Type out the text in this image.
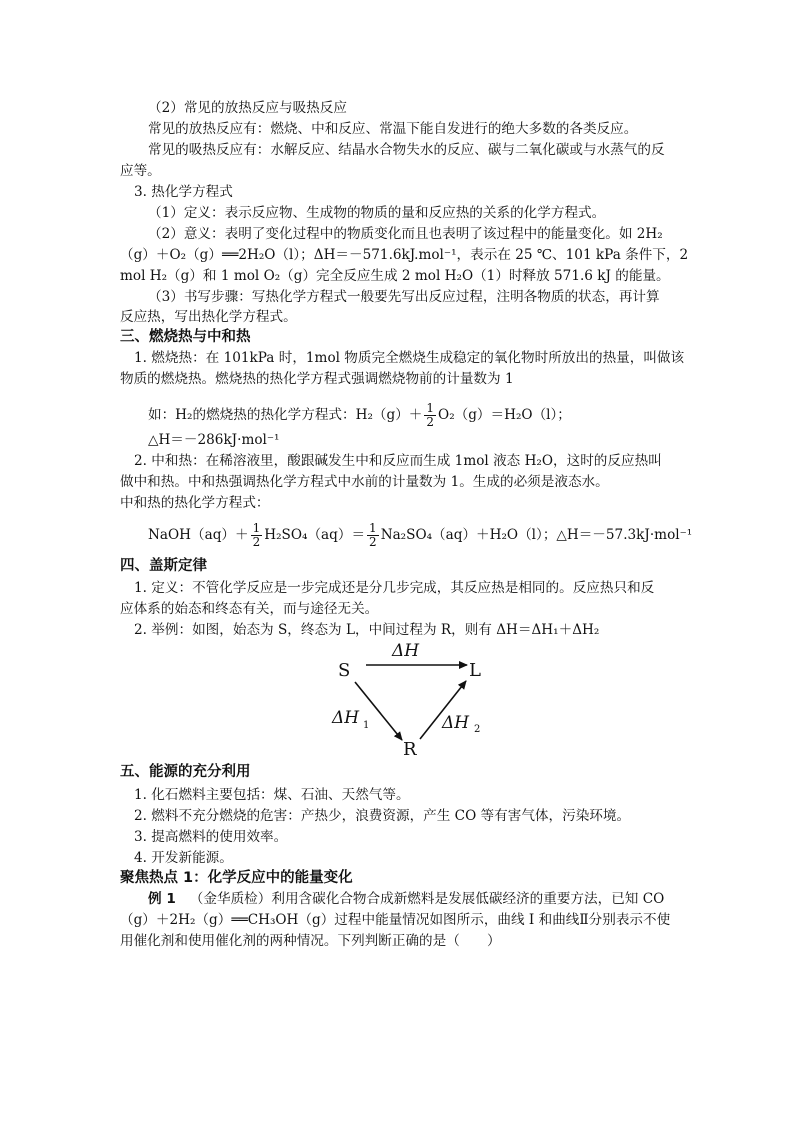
（2）常见的放热反应与吸热反应
常见的放热反应有：燃烧、中和反应、常温下能自发进行的绝大多数的各类反应。
常见的吸热反应有：水解反应、结晶水合物失水的反应、碳与二氧化碳或与水蒸气的反
应等。
3. 热化学方程式
（1）定义：表示反应物、生成物的物质的量和反应热的关系的化学方程式。
（2）意义：表明了变化过程中的物质变化而且也表明了该过程中的能量变化。如 2H₂
（g）＋O₂（g）══2H₂O（l）；ΔH＝－571.6kJ.mol⁻¹，表示在 25 ℃、101 kPa 条件下，2
mol H₂（g）和 1 mol O₂（g）完全反应生成 2 mol H₂O（1）时释放 571.6 kJ 的能量。
（3）书写步骤：写热化学方程式一般要先写出反应过程，注明各物质的状态，再计算
反应热，写出热化学方程式。
三、燃烧热与中和热
1. 燃烧热：在 101kPa 时，1mol 物质完全燃烧生成稳定的氧化物时所放出的热量，叫做该
物质的燃烧热。燃烧热的热化学方程式强调燃烧物前的计量数为 1
如：H₂的燃烧热的热化学方程式：$H_2(g)+ \frac{1}{2} O_2(g)=H_2O(l)$；
△H＝－286kJ·mol⁻¹
2. 中和热：在稀溶液里，酸跟碱发生中和反应而生成 1mol 液态 H₂O，这时的反应热叫
做中和热。中和热强调热化学方程式中水前的计量数为 1。生成的必须是液态水。
中和热的热化学方程式：
NaOH（aq）＋ $\frac{1}{2} H_2SO_4(aq)= \frac{1}{2} Na_2SO_4(aq)+H_2O(l)$；△H＝－57.3kJ·mol⁻¹
四、盖斯定律
1. 定义：不管化学反应是一步完成还是分几步完成，其反应热是相同的。反应热只和反
应体系的始态和终态有关，而与途径无关。
2. 举例：如图，始态为 S，终态为 L，中间过程为 R，则有 ΔH＝ΔH₁＋ΔH₂
S	L
R
ΔH
ΔH 1	ΔH 2
五、能源的充分利用
1. 化石燃料主要包括：煤、石油、天然气等。
2. 燃料不充分燃烧的危害：产热少，浪费资源，产生 CO 等有害气体，污染环境。
3. 提高燃料的使用效率。
4. 开发新能源。
聚焦热点 1：化学反应中的能量变化
例 1 （金华质检）利用含碳化合物合成新燃料是发展低碳经济的重要方法，已知 CO
（g）＋2H₂（g）══CH₃OH（g）过程中能量情况如图所示，曲线 I 和曲线Ⅱ分别表示不使
用催化剂和使用催化剂的两种情况。下列判断正确的是（　　）
